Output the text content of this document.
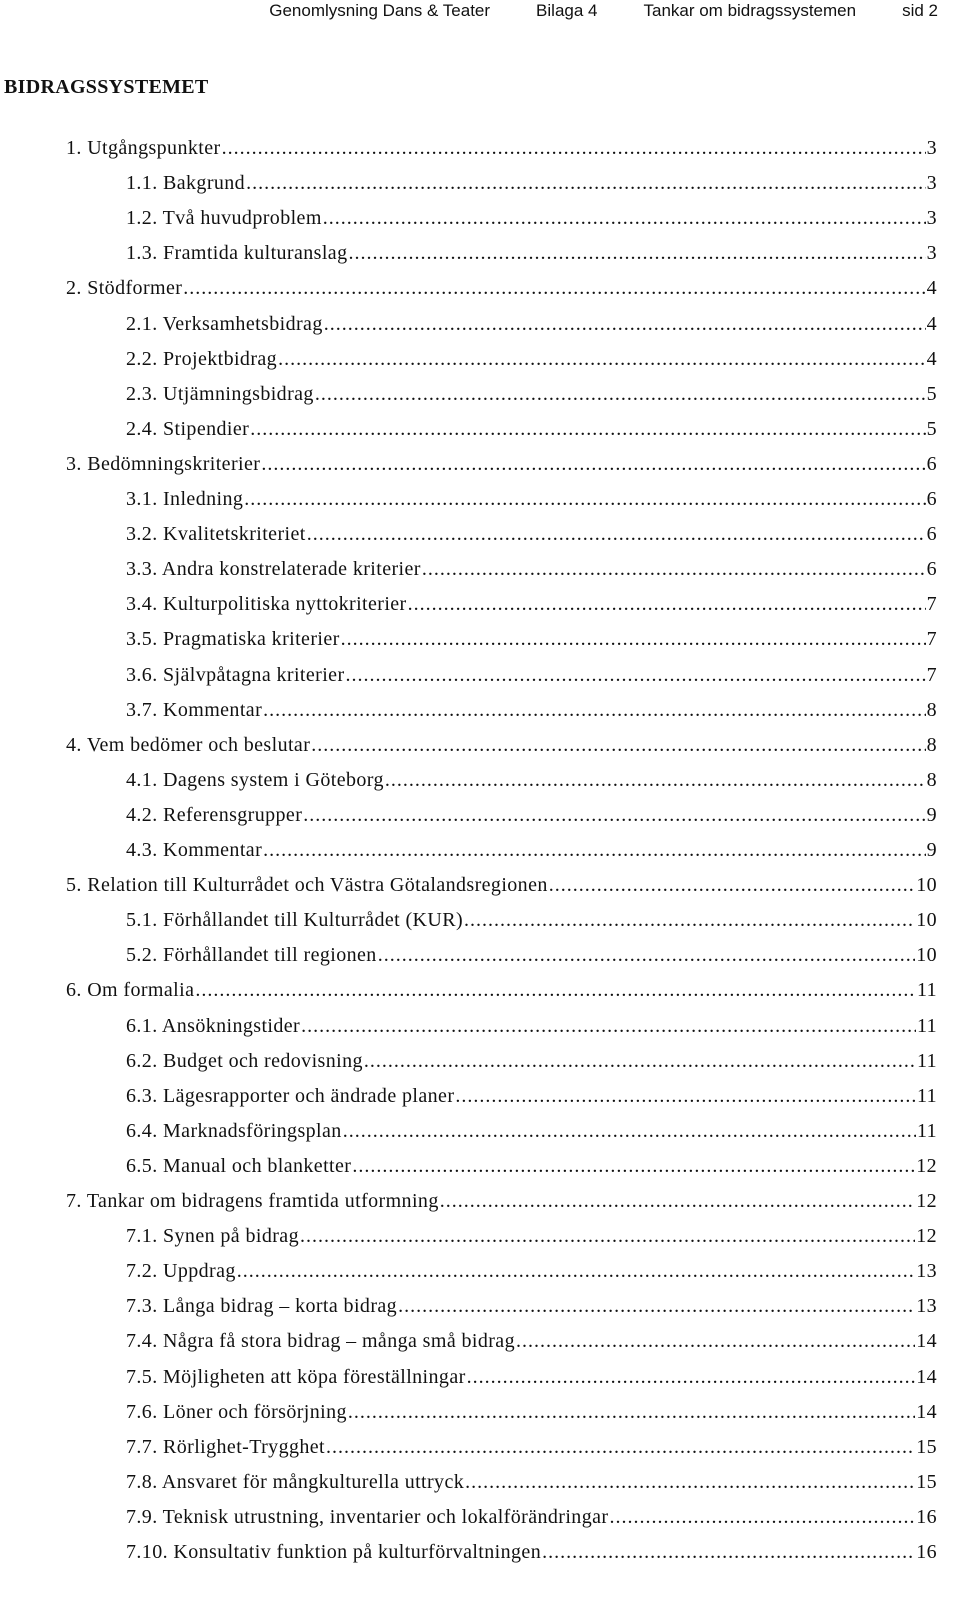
Genomlysning Dans & Teater	Bilaga 4	Tankar om bidragssystemen	sid 2
BIDRAGSSYSTEMET
1. Utgångspunkter .....	3
1.1. Bakgrund .....	3
1.2. Två huvudproblem .....	3
1.3. Framtida kulturanslag .....	3
2. Stödformer .....	4
2.1. Verksamhetsbidrag .....	4
2.2. Projektbidrag .....	4
2.3. Utjämningsbidrag .....	5
2.4. Stipendier .....	5
3. Bedömningskriterier .....	6
3.1. Inledning .....	6
3.2. Kvalitetskriteriet .....	6
3.3. Andra konstrelaterade kriterier .....	6
3.4. Kulturpolitiska nyttokriterier .....	7
3.5. Pragmatiska kriterier .....	7
3.6. Självpåtagna kriterier .....	7
3.7. Kommentar .....	8
4. Vem bedömer och beslutar .....	8
4.1. Dagens system i Göteborg .....	8
4.2. Referensgrupper .....	9
4.3. Kommentar .....	9
5. Relation till Kulturrådet och Västra Götalandsregionen .....	10
5.1. Förhållandet till Kulturrådet (KUR) .....	10
5.2. Förhållandet till regionen .....	10
6. Om formalia .....	11
6.1. Ansökningstider .....	11
6.2. Budget och redovisning .....	11
6.3. Lägesrapporter och ändrade planer .....	11
6.4. Marknadsföringsplan .....	11
6.5. Manual och blanketter .....	12
7. Tankar om bidragens framtida utformning .....	12
7.1. Synen på bidrag .....	12
7.2. Uppdrag .....	13
7.3. Långa bidrag – korta bidrag .....	13
7.4. Några få stora bidrag – många små bidrag .....	14
7.5. Möjligheten att köpa föreställningar .....	14
7.6. Löner och försörjning .....	14
7.7. Rörlighet-Trygghet .....	15
7.8. Ansvaret för mångkulturella uttryck .....	15
7.9. Teknisk utrustning, inventarier och lokalförändringar .....	16
7.10. Konsultativ funktion på kulturförvaltningen .....	16
